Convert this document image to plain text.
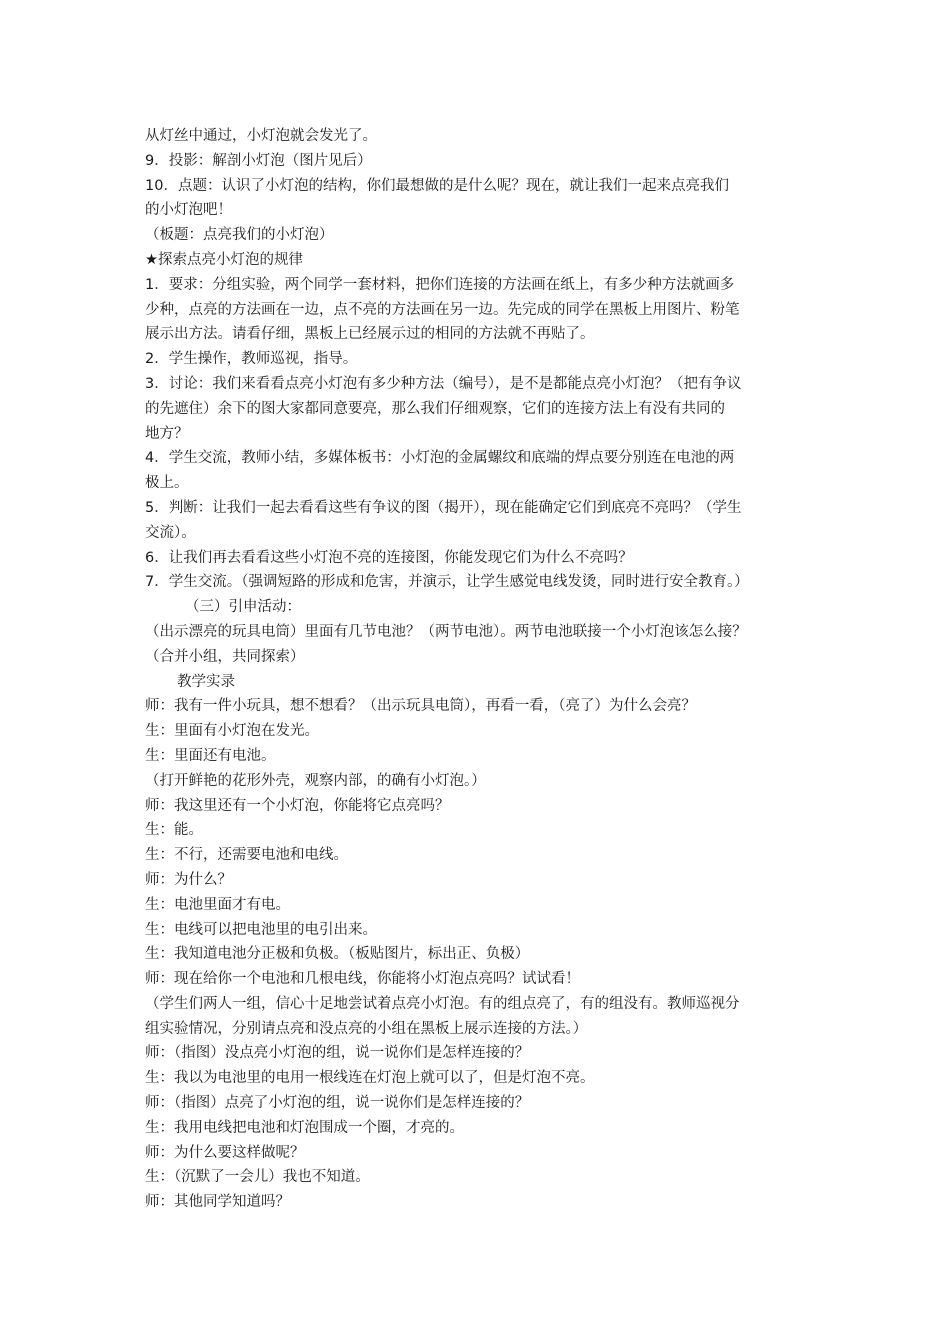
从灯丝中通过，小灯泡就会发光了。
9．投影：解剖小灯泡（图片见后）
10．点题：认识了小灯泡的结构，你们最想做的是什么呢？现在，就让我们一起来点亮我们
的小灯泡吧！
（板题：点亮我们的小灯泡）
★探索点亮小灯泡的规律
1．要求：分组实验，两个同学一套材料，把你们连接的方法画在纸上，有多少种方法就画多
少种，点亮的方法画在一边，点不亮的方法画在另一边。先完成的同学在黑板上用图片、粉笔
展示出方法。请看仔细，黑板上已经展示过的相同的方法就不再贴了。
2．学生操作，教师巡视，指导。
3．讨论：我们来看看点亮小灯泡有多少种方法（编号），是不是都能点亮小灯泡？（把有争议
的先遮住）余下的图大家都同意要亮，那么我们仔细观察，它们的连接方法上有没有共同的
地方？
4．学生交流，教师小结，多媒体板书：小灯泡的金属螺纹和底端的焊点要分别连在电池的两
极上。
5．判断：让我们一起去看看这些有争议的图（揭开），现在能确定它们到底亮不亮吗？（学生
交流）。
6．让我们再去看看这些小灯泡不亮的连接图，你能发现它们为什么不亮吗？
7．学生交流。（强调短路的形成和危害，并演示，让学生感觉电线发烫，同时进行安全教育。）
（三）引申活动：
（出示漂亮的玩具电筒）里面有几节电池？（两节电池）。两节电池联接一个小灯泡该怎么接？
（合并小组，共同探索）
教学实录
师：我有一件小玩具，想不想看？（出示玩具电筒），再看一看，（亮了）为什么会亮？
生：里面有小灯泡在发光。
生：里面还有电池。
（打开鲜艳的花形外壳，观察内部，的确有小灯泡。）
师：我这里还有一个小灯泡，你能将它点亮吗？
生：能。
生：不行，还需要电池和电线。
师：为什么？
生：电池里面才有电。
生：电线可以把电池里的电引出来。
生：我知道电池分正极和负极。（板贴图片，标出正、负极）
师：现在给你一个电池和几根电线，你能将小灯泡点亮吗？试试看！
（学生们两人一组，信心十足地尝试着点亮小灯泡。有的组点亮了，有的组没有。教师巡视分
组实验情况，分别请点亮和没点亮的小组在黑板上展示连接的方法。）
师：（指图）没点亮小灯泡的组，说一说你们是怎样连接的？
生：我以为电池里的电用一根线连在灯泡上就可以了，但是灯泡不亮。
师：（指图）点亮了小灯泡的组，说一说你们是怎样连接的？
生：我用电线把电池和灯泡围成一个圈，才亮的。
师：为什么要这样做呢？
生：（沉默了一会儿）我也不知道。
师：其他同学知道吗？
